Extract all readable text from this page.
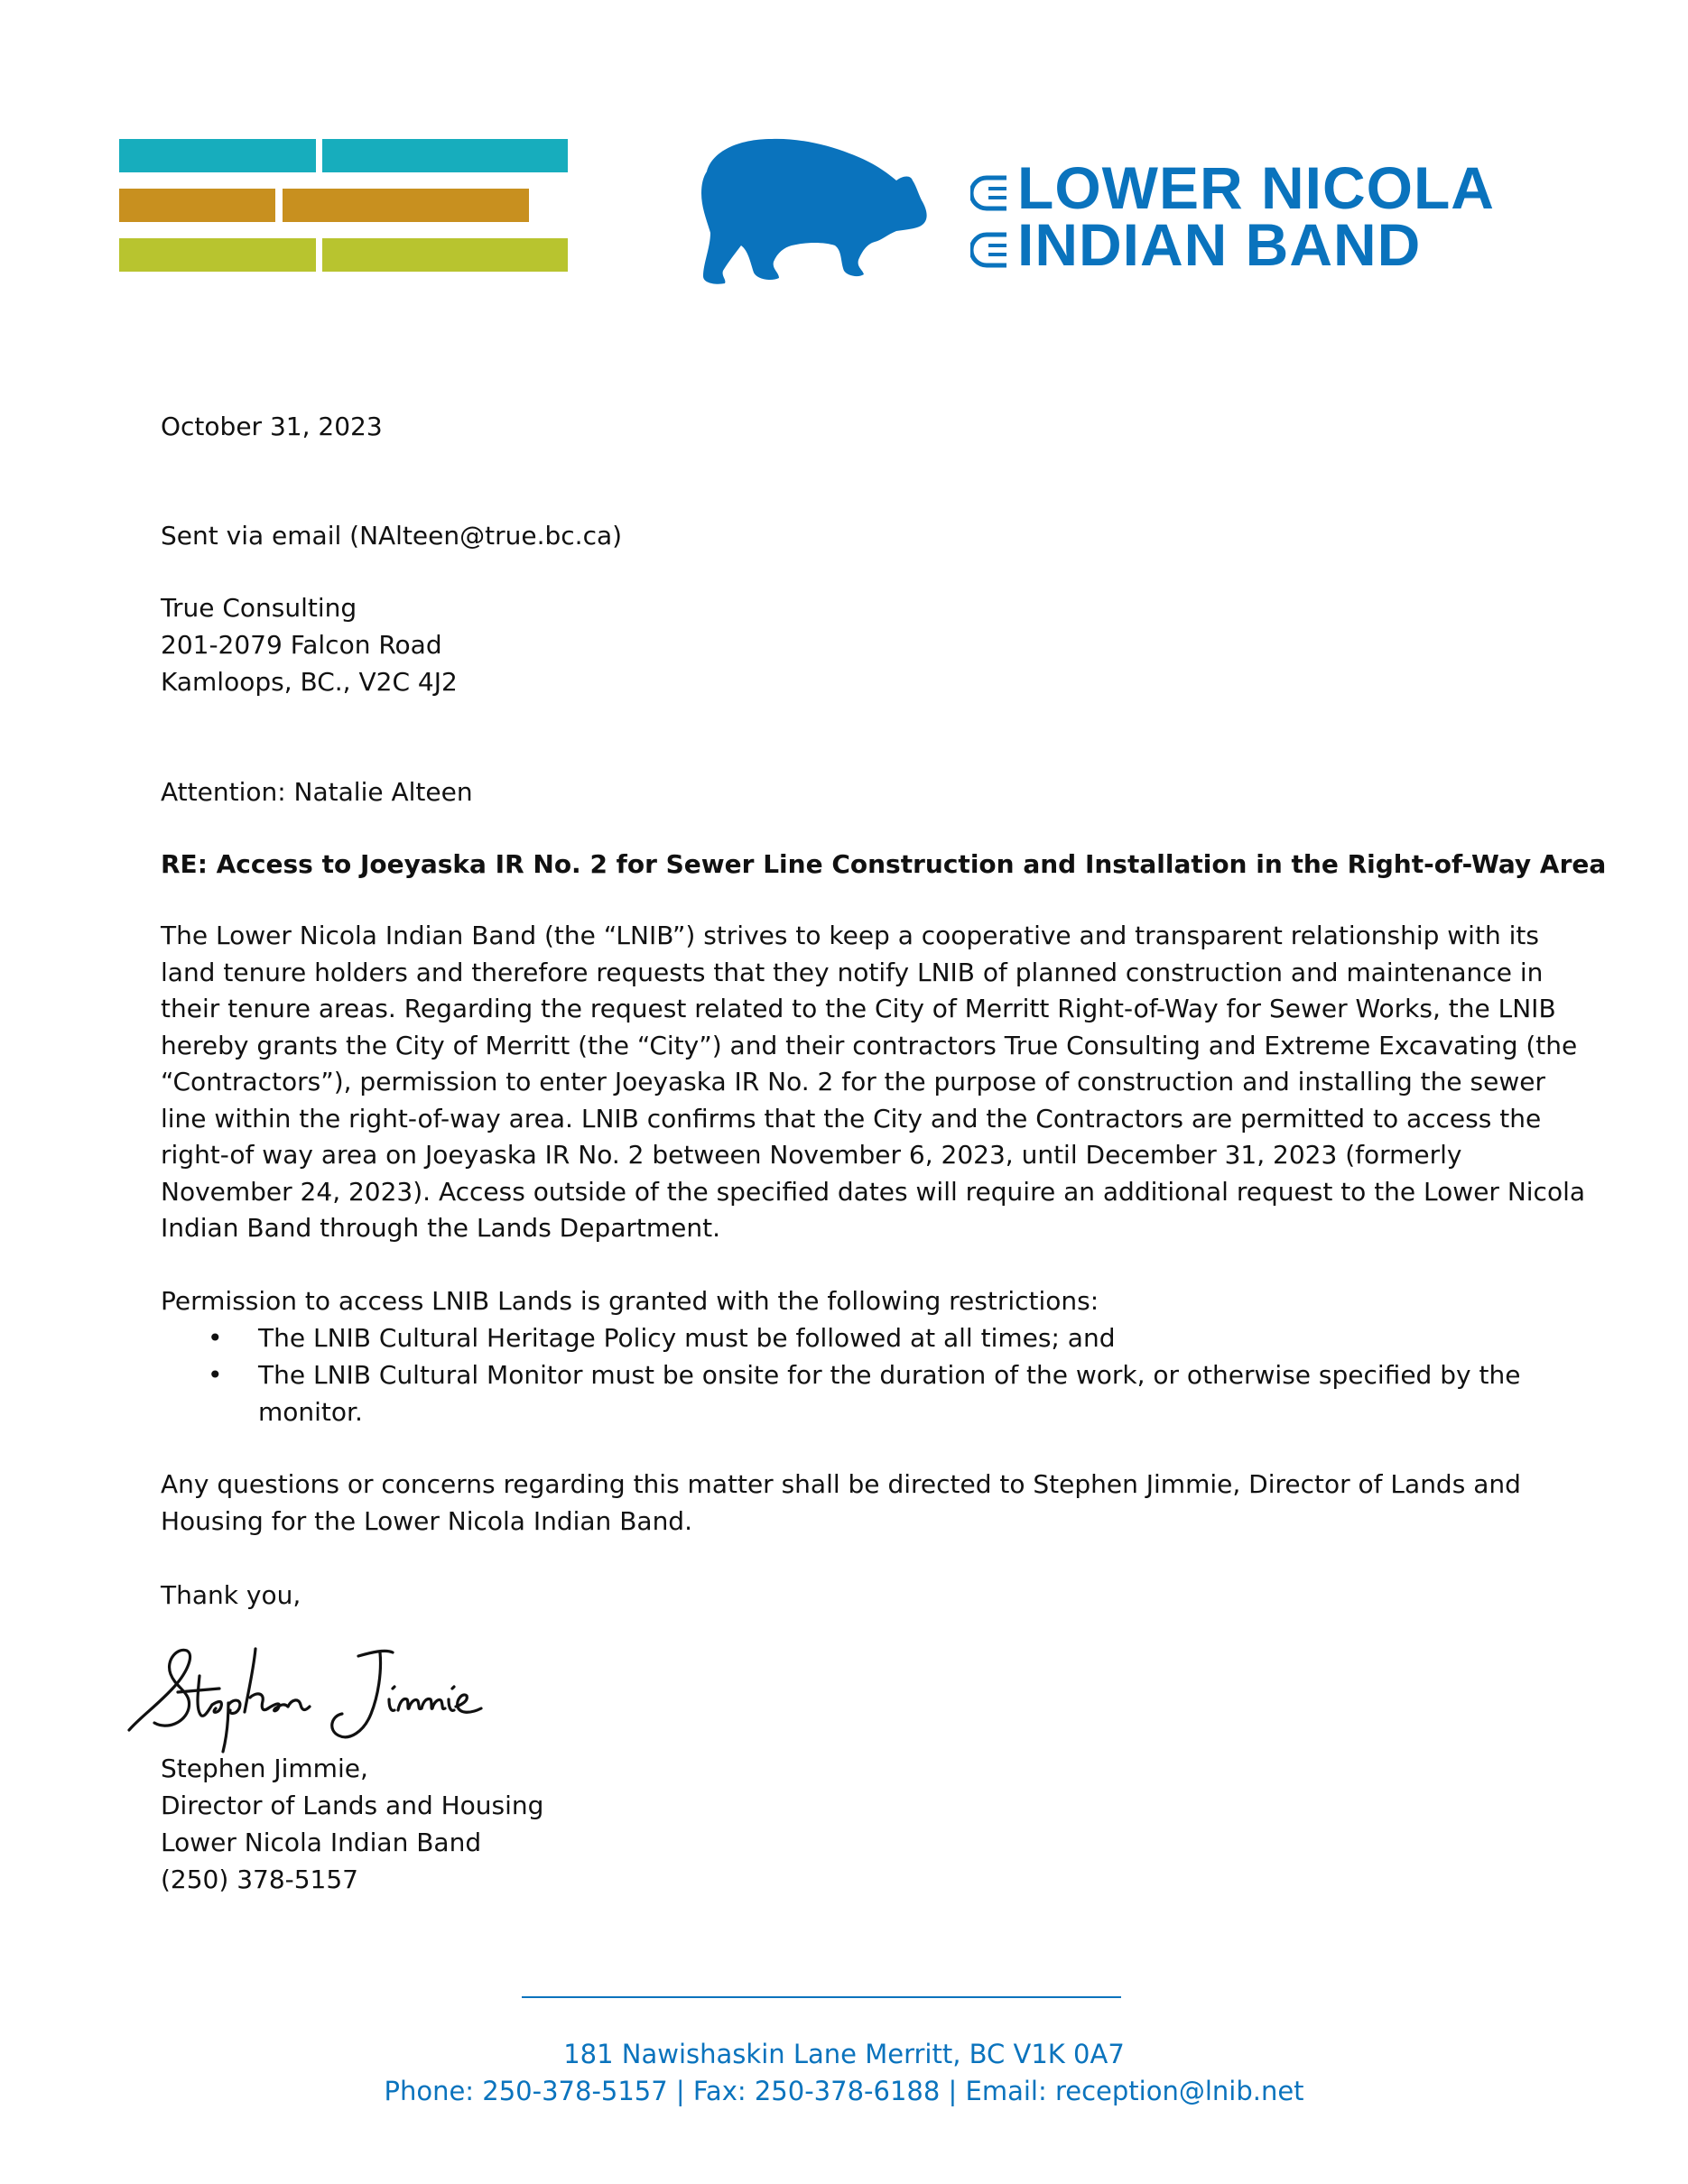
LOWER NICOLA
INDIAN BAND
October 31, 2023
Sent via email (NAlteen@true.bc.ca)
True Consulting
201-2079 Falcon Road
Kamloops, BC., V2C 4J2
Attention: Natalie Alteen
RE: Access to Joeyaska IR No. 2 for Sewer Line Construction and Installation in the Right-of-Way Area
The Lower Nicola Indian Band (the “LNIB”) strives to keep a cooperative and transparent relationship with its land tenure holders and therefore requests that they notify LNIB of planned construction and maintenance in their tenure areas. Regarding the request related to the City of Merritt Right-of-Way for Sewer Works, the LNIB hereby grants the City of Merritt (the “City”) and their contractors True Consulting and Extreme Excavating (the “Contractors”), permission to enter Joeyaska IR No. 2 for the purpose of construction and installing the sewer line within the right-of-way area. LNIB confirms that the City and the Contractors are permitted to access the right-of way area on Joeyaska IR No. 2 between November 6, 2023, until December 31, 2023 (formerly November 24, 2023). Access outside of the specified dates will require an additional request to the Lower Nicola Indian Band through the Lands Department.
Permission to access LNIB Lands is granted with the following restrictions:
• The LNIB Cultural Heritage Policy must be followed at all times; and
• The LNIB Cultural Monitor must be onsite for the duration of the work, or otherwise specified by the monitor.
Any questions or concerns regarding this matter shall be directed to Stephen Jimmie, Director of Lands and Housing for the Lower Nicola Indian Band.
Thank you,
Stephen Jimmie,
Director of Lands and Housing
Lower Nicola Indian Band
(250) 378-5157
181 Nawishaskin Lane Merritt, BC V1K 0A7
Phone: 250-378-5157 | Fax: 250-378-6188 | Email: reception@lnib.net
